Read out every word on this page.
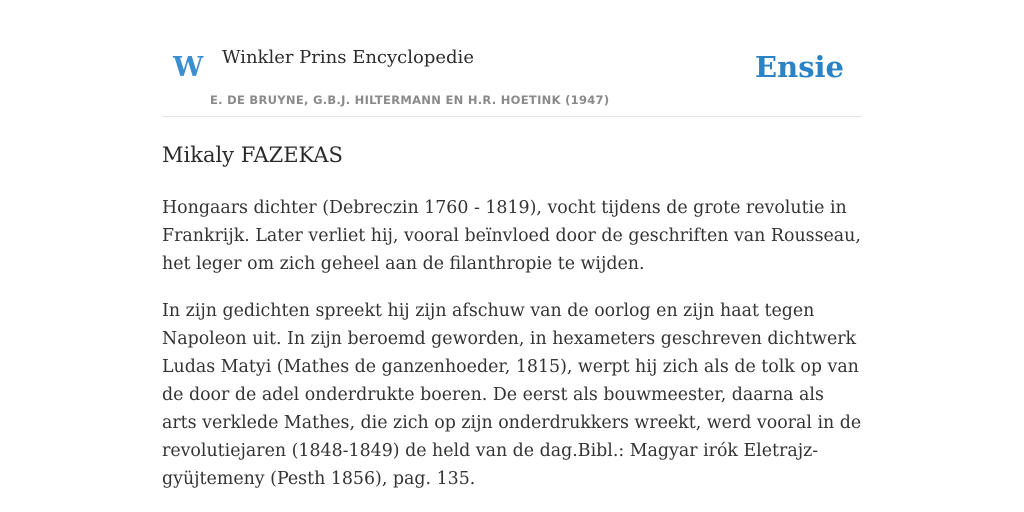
W Winkler Prins Encyclopedie
E. DE BRUYNE, G.B.J. HILTERMANN EN H.R. HOETINK (1947)
Ensie
Mikaly FAZEKAS

Hongaars dichter (Debreczin 1760 - 1819), vocht tijdens de grote revolutie in Frankrijk. Later verliet hij, vooral beïnvloed door de geschriften van Rousseau, het leger om zich geheel aan de filanthropie te wijden.

In zijn gedichten spreekt hij zijn afschuw van de oorlog en zijn haat tegen Napoleon uit. In zijn beroemd geworden, in hexameters geschreven dichtwerk Ludas Matyi (Mathes de ganzenhoeder, 1815), werpt hij zich als de tolk op van de door de adel onderdrukte boeren. De eerst als bouwmeester, daarna als arts verklede Mathes, die zich op zijn onderdrukkers wreekt, werd vooral in de revolutiejaren (1848-1849) de held van de dag.Bibl.: Magyar irók Eletrajz-gyüjtemeny (Pesth 1856), pag. 135.
